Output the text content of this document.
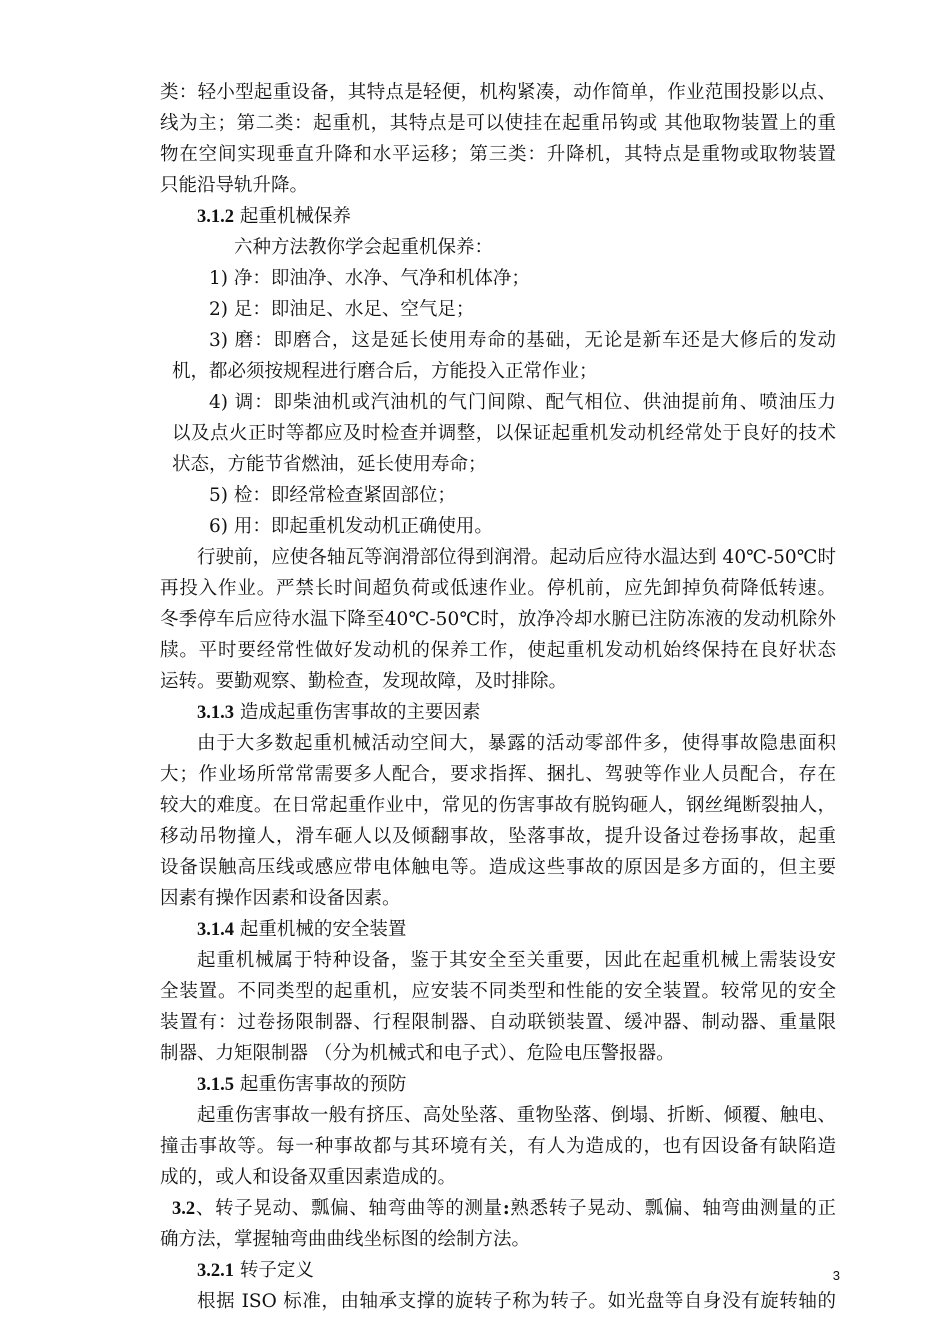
类：轻小型起重设备，其特点是轻便，机构紧凑，动作简单，作业范围投影以点、
线为主；第二类：起重机，其特点是可以使挂在起重吊钩或 其他取物装置上的重
物在空间实现垂直升降和水平运移；第三类：升降机，其特点是重物或取物装置
只能沿导轨升降。
3.1.2 起重机械保养
六种方法教你学会起重机保养：
1) 净：即油净、水净、气净和机体净；
2) 足：即油足、水足、空气足；
3) 磨：即磨合，这是延长使用寿命的基础，无论是新车还是大修后的发动
机，都必须按规程进行磨合后，方能投入正常作业；
4) 调：即柴油机或汽油机的气门间隙、配气相位、供油提前角、喷油压力
以及点火正时等都应及时检查并调整，以保证起重机发动机经常处于良好的技术
状态，方能节省燃油，延长使用寿命；
5) 检：即经常检查紧固部位；
6) 用：即起重机发动机正确使用。
行驶前，应使各轴瓦等润滑部位得到润滑。起动后应待水温达到 40℃-50℃时
再投入作业。严禁长时间超负荷或低速作业。停机前，应先卸掉负荷降低转速。
冬季停车后应待水温下降至40℃-50℃时，放净冷却水腑已注防冻液的发动机除外
牍。平时要经常性做好发动机的保养工作，使起重机发动机始终保持在良好状态
运转。要勤观察、勤检查，发现故障，及时排除。
3.1.3 造成起重伤害事故的主要因素
由于大多数起重机械活动空间大，暴露的活动零部件多，使得事故隐患面积
大；作业场所常常需要多人配合，要求指挥、捆扎、驾驶等作业人员配合，存在
较大的难度。在日常起重作业中，常见的伤害事故有脱钩砸人，钢丝绳断裂抽人，
移动吊物撞人，滑车砸人以及倾翻事故，坠落事故，提升设备过卷扬事故，起重
设备误触高压线或感应带电体触电等。造成这些事故的原因是多方面的，但主要
因素有操作因素和设备因素。
3.1.4 起重机械的安全装置
起重机械属于特种设备，鉴于其安全至关重要，因此在起重机械上需装设安
全装置。不同类型的起重机，应安装不同类型和性能的安全装置。较常见的安全
装置有：过卷扬限制器、行程限制器、自动联锁装置、缓冲器、制动器、重量限
制器、力矩限制器 （分为机械式和电子式）、危险电压警报器。
3.1.5 起重伤害事故的预防
起重伤害事故一般有挤压、高处坠落、重物坠落、倒塌、折断、倾覆、触电、
撞击事故等。每一种事故都与其环境有关，有人为造成的，也有因设备有缺陷造
成的，或人和设备双重因素造成的。
3.2、转子晃动、瓢偏、轴弯曲等的测量:熟悉转子晃动、瓢偏、轴弯曲测量的正
确方法，掌握轴弯曲曲线坐标图的绘制方法。
3.2.1 转子定义
根据 ISO 标准，由轴承支撑的旋转子称为转子。如光盘等自身没有旋转轴的
3
